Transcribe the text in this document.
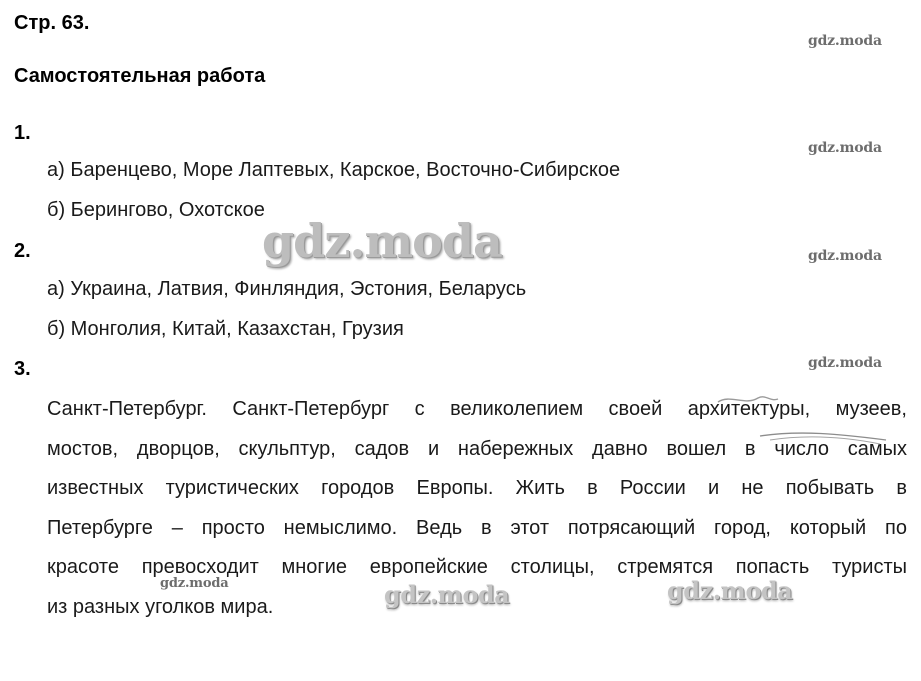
Стр. 63.
Самостоятельная работа
1.
а) Баренцево, Море Лаптевых, Карское, Восточно-Сибирское
б) Берингово, Охотское
2.
а) Украина, Латвия, Финляндия, Эстония, Беларусь
б) Монголия, Китай, Казахстан, Грузия
3.
Санкт-Петербург. Санкт-Петербург с великолепием своей архитектуры, музеев,
мостов, дворцов, скульптур, садов и набережных давно вошел в число самых
известных туристических городов Европы. Жить в России и не побывать в
Петербурге – просто немыслимо. Ведь в этот потрясающий город, который по
красоте превосходит многие европейские столицы, стремятся попасть туристы
из разных уголков мира.
gdz.moda
gdz.moda
gdz.moda
gdz.moda
gdz.moda
gdz.moda
gdz.moda	gdz.moda
